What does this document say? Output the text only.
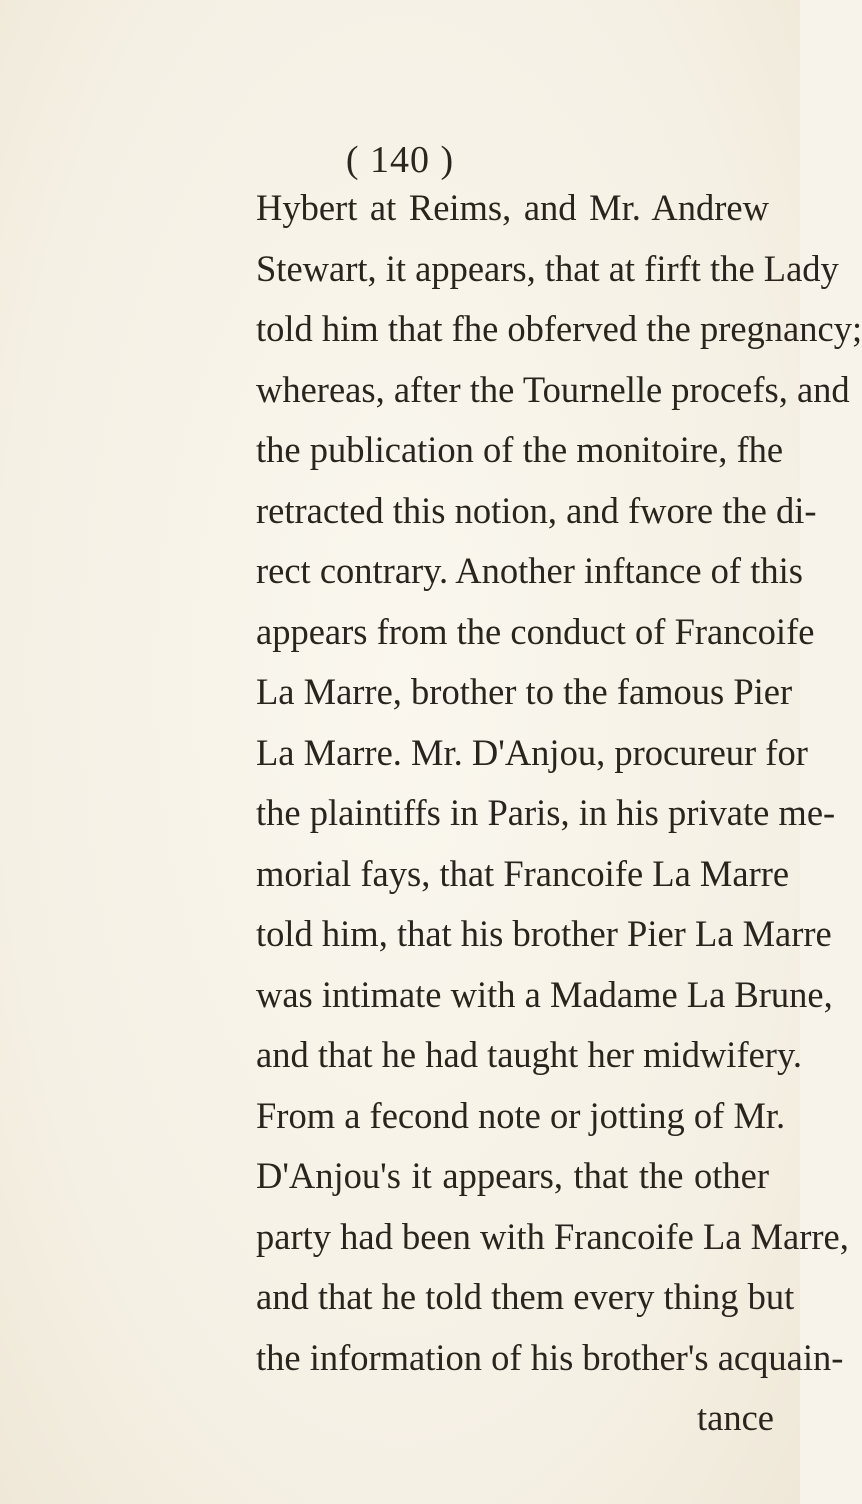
( 140 )
Hybert at Reims, and Mr. Andrew
Stewart, it appears, that at firft the Lady
told him that fhe obferved the pregnancy;
whereas, after the Tournelle procefs, and
the publication of the monitoire, fhe
retracted this notion, and fwore the di-
rect contrary. Another inftance of this
appears from the conduct of Francoife
La Marre, brother to the famous Pier
La Marre. Mr. D'Anjou, procureur for
the plaintiffs in Paris, in his private me-
morial fays, that Francoife La Marre
told him, that his brother Pier La Marre
was intimate with a Madame La Brune,
and that he had taught her midwifery.
From a fecond note or jotting of Mr.
D'Anjou's it appears, that the other
party had been with Francoife La Marre,
and that he told them every thing but
the information of his brother's acquain-
tance
